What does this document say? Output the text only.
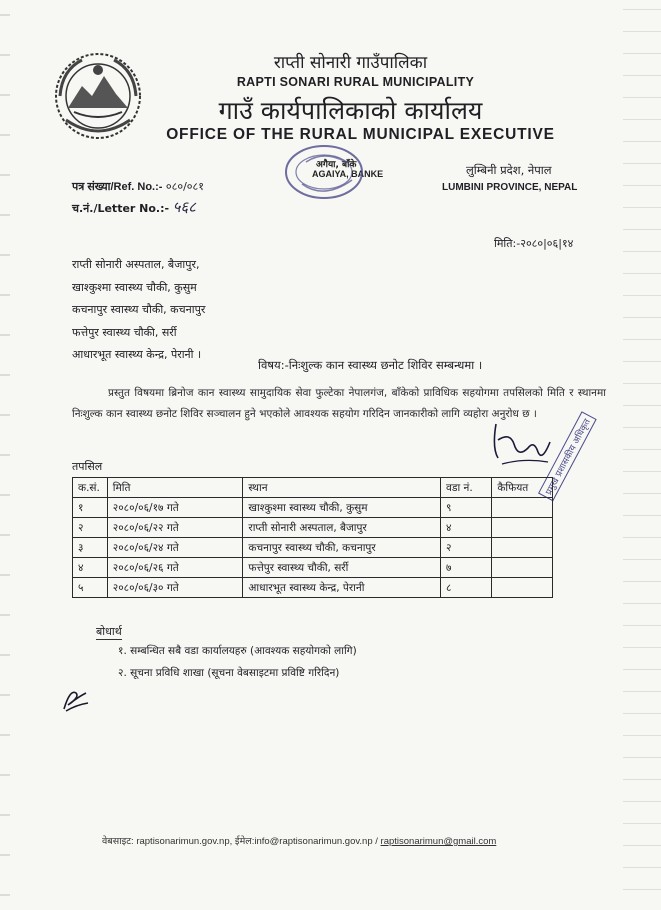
राप्ती सोनारी गाउँपालिका
RAPTI SONARI RURAL MUNICIPALITY
गाउँ कार्यपालिकाको कार्यालय
OFFICE OF THE RURAL MUNICIPAL EXECUTIVE
अगैया, बाँके
AGAIYA, BANKE	लुम्बिनी प्रदेश, नेपाल
LUMBINI PROVINCE, NEPAL
पत्र संख्या/Ref. No.:- ०८०/०८१
च.नं./Letter No.:- ५६८
मिति:-२०८०|०६|१४
राप्ती सोनारी अस्पताल, बैजापुर,
खाश्कुश्मा स्वास्थ्य चौकी, कुसुम
कचनापुर स्वास्थ्य चौकी, कचनापुर
फत्तेपुर स्वास्थ्य चौकी, सर्री
आधारभूत स्वास्थ्य केन्द्र, पेरानी ।
विषय:-निःशुल्क कान स्वास्थ्य छनोट शिविर सम्बन्धमा ।
प्रस्तुत विषयमा ब्रिनोज कान स्वास्थ्य सामुदायिक सेवा फुल्टेका नेपालगंज, बाँकेको प्राविधिक सहयोगमा तपसिलको मिति र स्थानमा निःशुल्क कान स्वास्थ्य छनोट शिविर सञ्चालन हुने भएकोले आवश्यक सहयोग गरिदिन जानकारीको लागि व्यहोरा अनुरोध छ ।
प्रमुख प्रशासकीय अधिकृत
तपसिल
क.सं.	मिति	स्थान	वडा नं.	कैफियत
१	२०८०/०६/१७ गते	खाश्कुश्मा स्वास्थ्य चौकी, कुसुम	९	
२	२०८०/०६/२२ गते	राप्ती सोनारी अस्पताल, बैजापुर	४	
३	२०८०/०६/२४ गते	कचनापुर स्वास्थ्य चौकी, कचनापुर	२	
४	२०८०/०६/२६ गते	फत्तेपुर स्वास्थ्य चौकी, सर्री	७	
५	२०८०/०६/३० गते	आधारभूत स्वास्थ्य केन्द्र, पेरानी	८	
बोधार्थ
१. सम्बन्धित सबै वडा कार्यालयहरु (आवश्यक सहयोगको लागि)
२. सूचना प्रविधि शाखा (सूचना वेबसाइटमा प्रविष्टि गरिदिन)
वेबसाइट: raptisonarimun.gov.np, ईमेल:info@raptisonarimun.gov.np / raptisonarimun@gmail.com
